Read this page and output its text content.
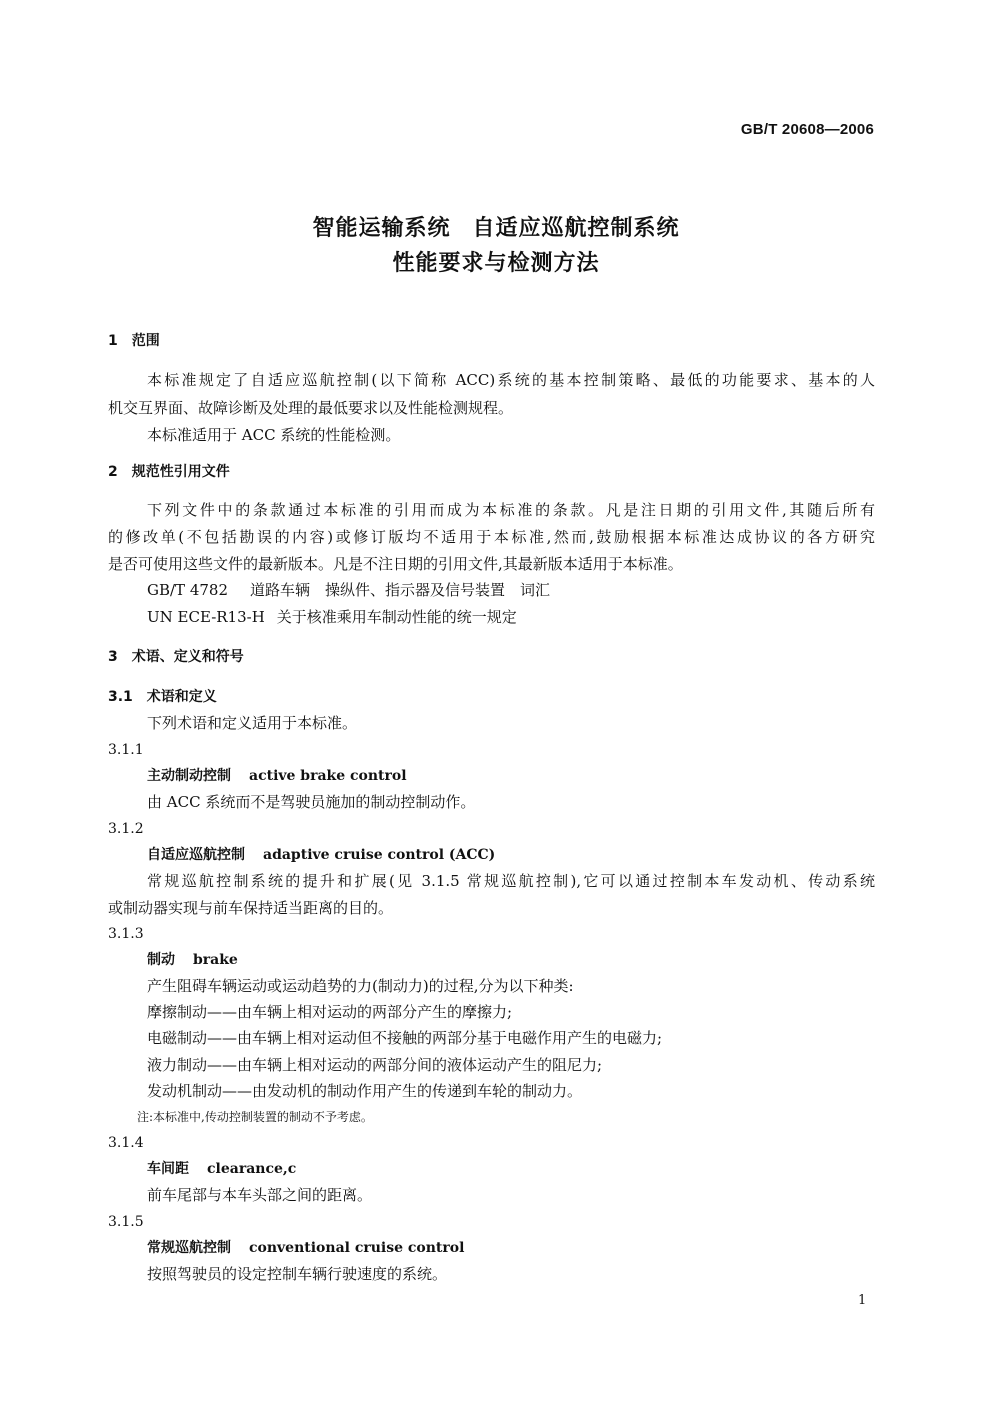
GB/T 20608—2006
智能运输系统 自适应巡航控制系统
性能要求与检测方法
1　范围
本标准规定了自适应巡航控制(以下简称 ACC)系统的基本控制策略、最低的功能要求、基本的人
机交互界面、故障诊断及处理的最低要求以及性能检测规程。
本标准适用于 ACC 系统的性能检测。
2　规范性引用文件
下列文件中的条款通过本标准的引用而成为本标准的条款。凡是注日期的引用文件,其随后所有
的修改单(不包括勘误的内容)或修订版均不适用于本标准,然而,鼓励根据本标准达成协议的各方研究
是否可使用这些文件的最新版本。凡是不注日期的引用文件,其最新版本适用于本标准。
GB/T 4782 道路车辆　操纵件、指示器及信号装置　词汇
UN ECE-R13-H 关于核准乘用车制动性能的统一规定
3　术语、定义和符号
3.1　术语和定义
下列术语和定义适用于本标准。
3.1.1
主动制动控制 active brake control
由 ACC 系统而不是驾驶员施加的制动控制动作。
3.1.2
自适应巡航控制 adaptive cruise control (ACC)
常规巡航控制系统的提升和扩展(见 3.1.5 常规巡航控制),它可以通过控制本车发动机、传动系统
或制动器实现与前车保持适当距离的目的。
3.1.3
制动 brake
产生阻碍车辆运动或运动趋势的力(制动力)的过程,分为以下种类:
摩擦制动——由车辆上相对运动的两部分产生的摩擦力;
电磁制动——由车辆上相对运动但不接触的两部分基于电磁作用产生的电磁力;
液力制动——由车辆上相对运动的两部分间的液体运动产生的阻尼力;
发动机制动——由发动机的制动作用产生的传递到车轮的制动力。
注:本标准中,传动控制装置的制动不予考虑。
3.1.4
车间距 clearance,c
前车尾部与本车头部之间的距离。
3.1.5
常规巡航控制 conventional cruise control
按照驾驶员的设定控制车辆行驶速度的系统。
1
